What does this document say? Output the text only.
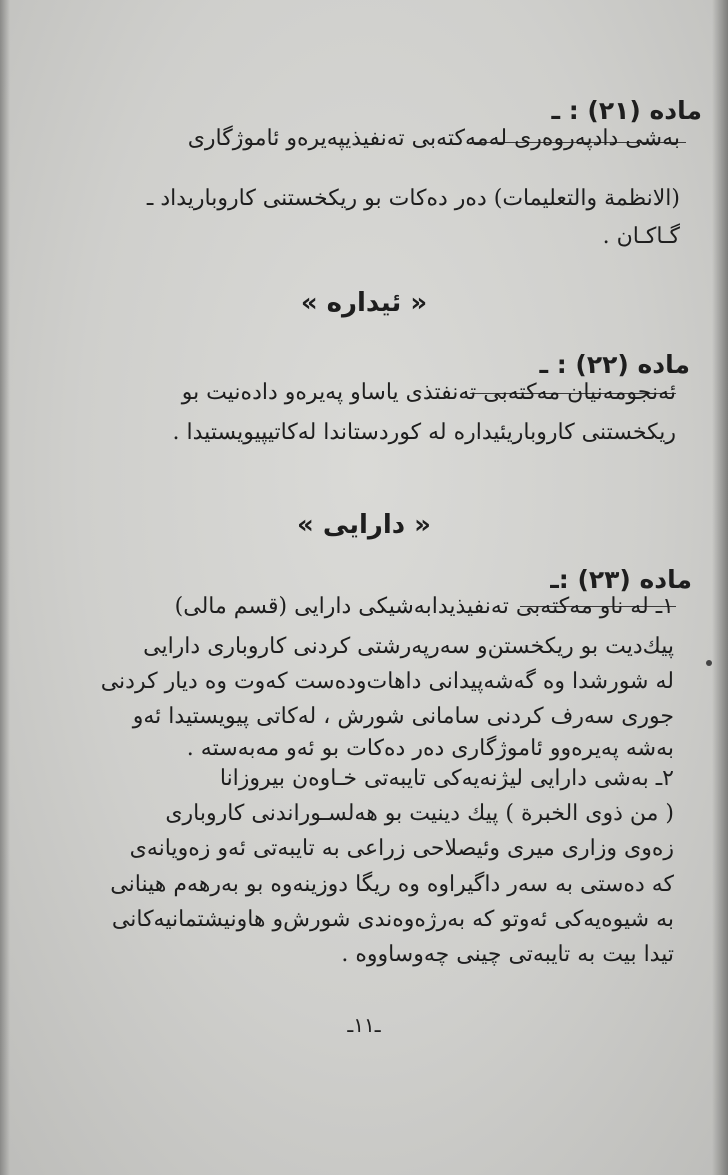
ماده (٢١) : ـ
بەشی دادپەروەری لەمەکتەبی تەنفیذیپەیرەو ئاموژگاری
(الانظمة والتعلیمات) دەر دەکات بو ریکخستنی کاروباریداد ـ
گـاکـان .
« ئیدارە »
ماده (٢٢) : ـ
ئەنجومەنیان مەکتەبی تەنفتذی یاساو پەیرەو دادەنیت بو
ریکخستنی کاروباریئیدارە لە کوردستاندا لەکاتیپیویستیدا .
« دارایی »
ماده (٢٣) :ـ
١ـ لە ناو مەکتەبی تەنفیذیدابەشیکی دارایی (قسم مالی)
پیك‌دیت بو ریکخستن‌و سەرپەرشتی کردنی کاروباری دارایی
لە شورشدا وە گەشەپیدانی داهات‌ودەست کەوت وە دیار کردنی
جوری سەرف کردنی سامانی شورش ، لەکاتی پیویستیدا ئەو
بەشە پەیرەوو ئاموژگاری دەر دەکات بو ئەو مەبەستە .
٢ـ بەشی دارایی لیژنەیەکی تایبەتی خـاوەن بیروزانا
( من ذوی الخبرة ) پیك دینیت بو هەلسـوراندنی کاروباری
زەوی وزاری میری وئیصلاحی زراعی بە تایبەتی ئەو زەویانەی
کە دەستی بە سەر داگیراوە وە ریگا دوزینەوە بو بەرهەم هینانی
بە شیوەیەکی ئەوتو کە بەرژەوەندی شورش‌و هاونیشتمانیەکانی
تیدا بیت بە تایبەتی چینی چەوساووە .
ـ١١ـ
